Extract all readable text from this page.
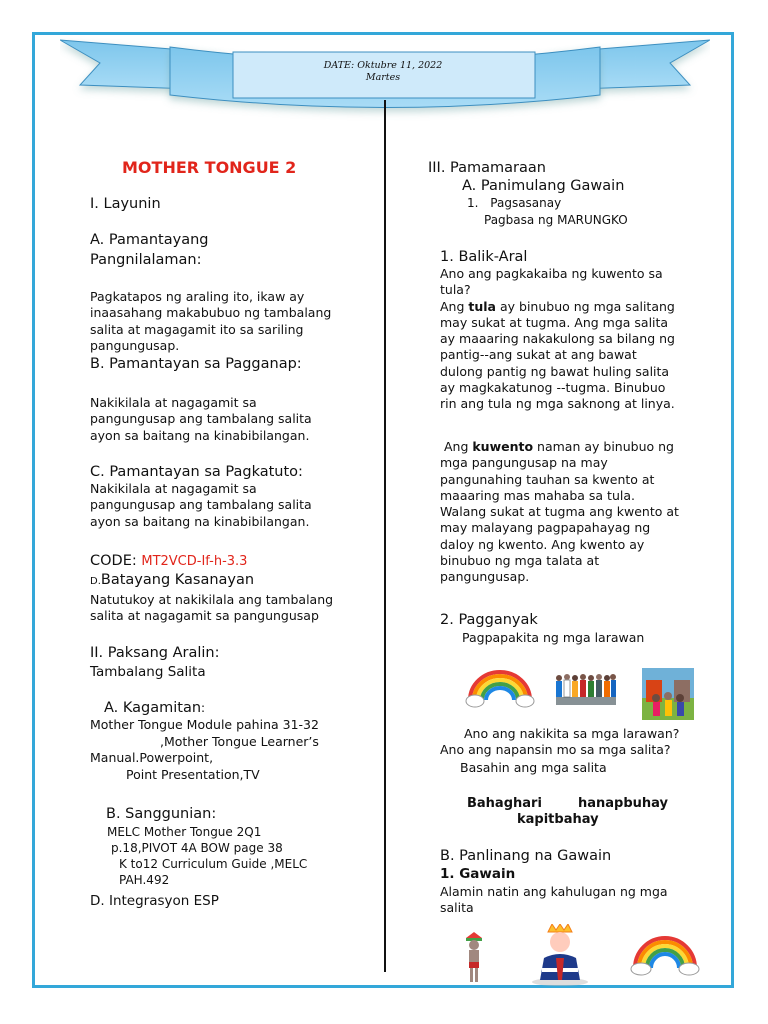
DATE: Oktubre 11, 2022
Martes
MOTHER TONGUE 2
I. Layunin
A. Pamantayang
Pangnilalaman:
Pagkatapos ng araling ito, ikaw ay
inaasahang makabubuo ng tambalang
salita at magagamit ito sa sariling
pangungusap.
B. Pamantayan sa Pagganap:
Nakikilala at nagagamit sa
pangungusap ang tambalang salita
ayon sa baitang na kinabibilangan.
C. Pamantayan sa Pagkatuto:
Nakikilala at nagagamit sa
pangungusap ang tambalang salita
ayon sa baitang na kinabibilangan.
CODE: MT2VCD-If-h-3.3
D.Batayang Kasanayan
Natutukoy at nakikilala ang tambalang
salita at nagagamit sa pangungusap
II. Paksang Aralin:
Tambalang Salita
A. Kagamitan:
Mother Tongue Module pahina 31-32
,Mother Tongue Learner’s
Manual.Powerpoint,
Point Presentation,TV
B. Sanggunian:
MELC Mother Tongue 2Q1
p.18,PIVOT 4A BOW page 38
K to12 Curriculum Guide ,MELC
PAH.492
D. Integrasyon ESP
III. Pamamaraan
A. Panimulang Gawain
1. Pagsasanay
Pagbasa ng MARUNGKO
1. Balik-Aral
Ano ang pagkakaiba ng kuwento sa
tula?
Ang tula ay binubuo ng mga salitang
may sukat at tugma. Ang mga salita
ay maaaring nakakulong sa bilang ng
pantig--ang sukat at ang bawat
dulong pantig ng bawat huling salita
ay magkakatunog --tugma. Binubuo
rin ang tula ng mga saknong at linya.
Ang kuwento naman ay binubuo ng
mga pangungusap na may
pangunahing tauhan sa kwento at
maaaring mas mahaba sa tula.
Walang sukat at tugma ang kwento at
may malayang pagpapahayag ng
daloy ng kwento. Ang kwento ay
binubuo ng mga talata at
pangungusap.
2. Pagganyak
Pagpapakita ng mga larawan
Ano ang nakikita sa mga larawan?
Ano ang napansin mo sa mga salita?
Basahin ang mga salita
Bahaghari	hanapbuhay
kapitbahay
B. Panlinang na Gawain
1. Gawain
Alamin natin ang kahulugan ng mga
salita
